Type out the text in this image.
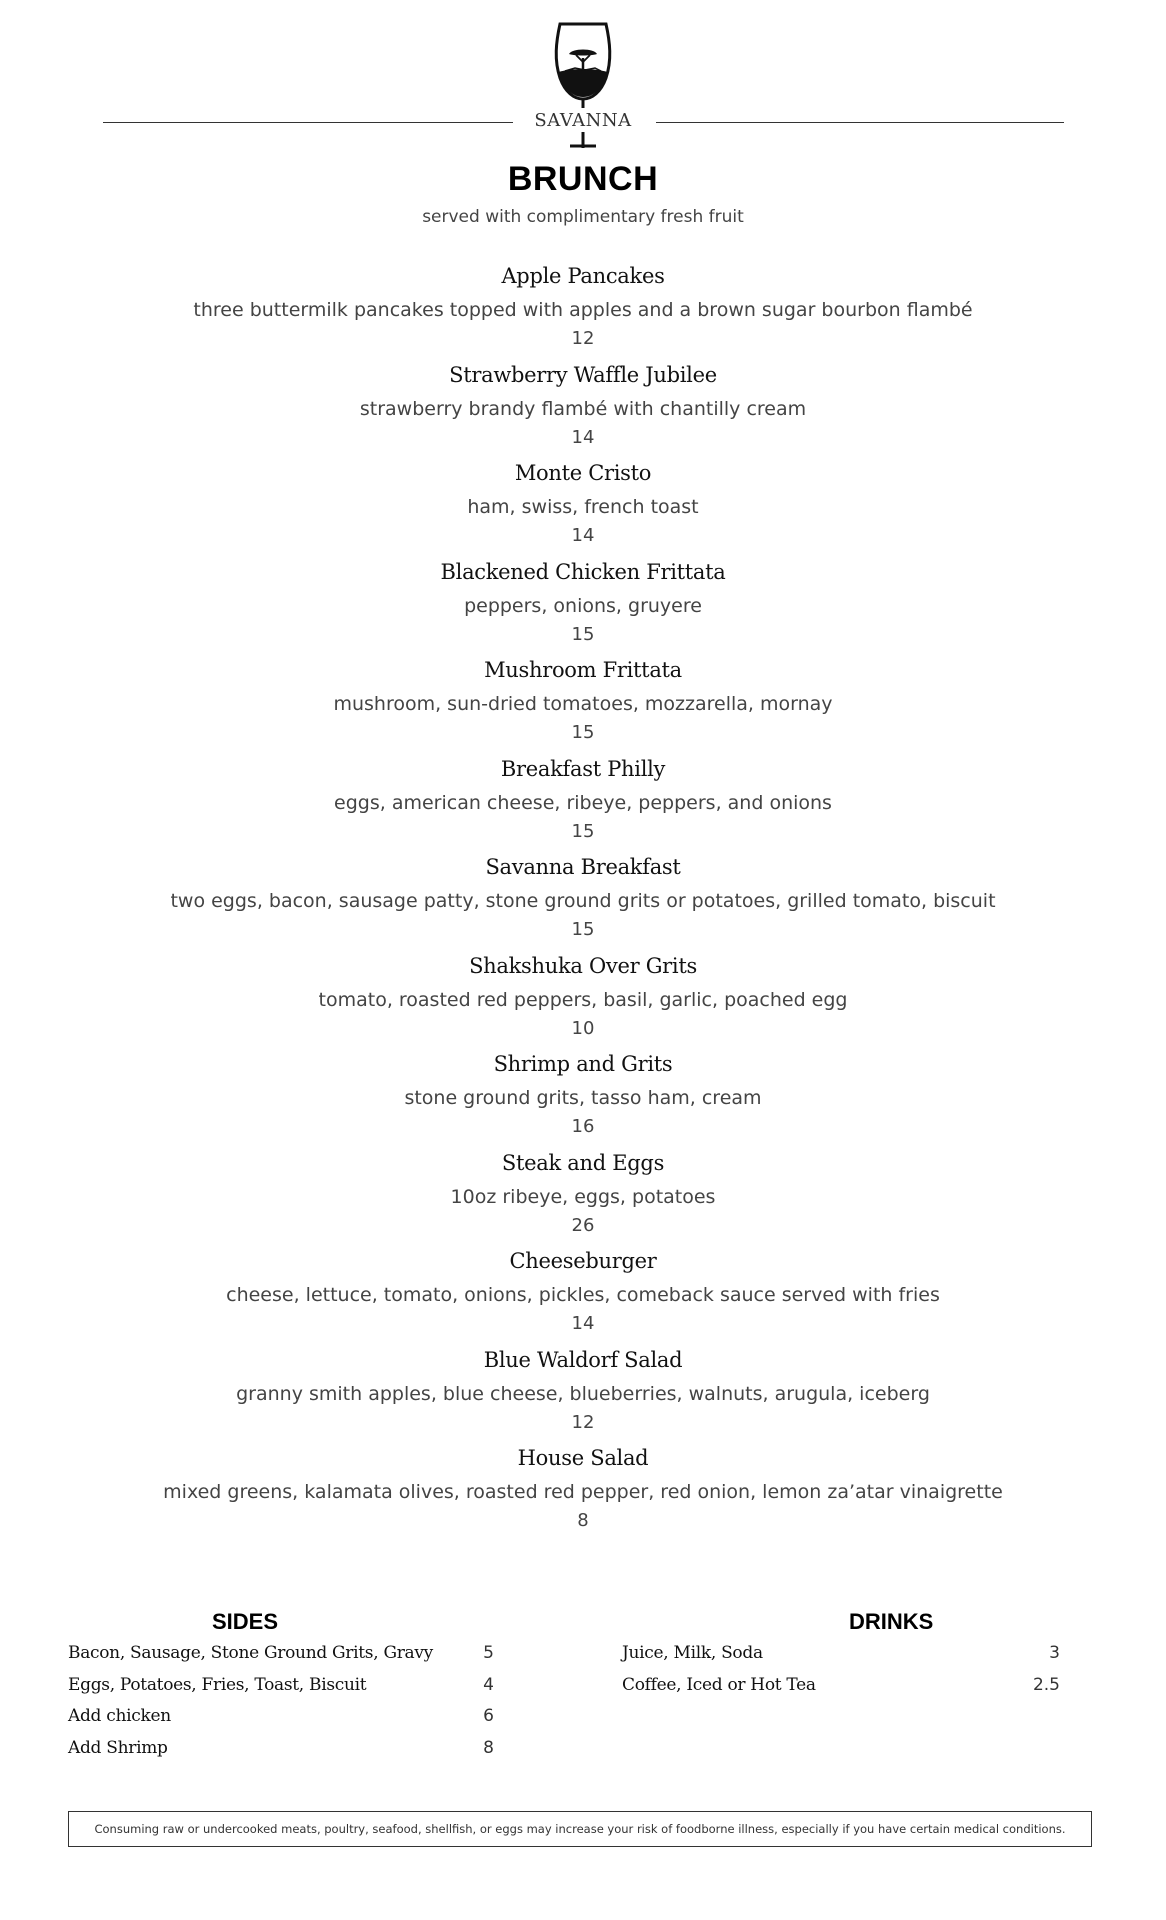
SAVANNA
BRUNCH
served with complimentary fresh fruit
Apple Pancakes
three buttermilk pancakes topped with apples and a brown sugar bourbon flambé
12
Strawberry Waffle Jubilee
strawberry brandy flambé with chantilly cream
14
Monte Cristo
ham, swiss, french toast
14
Blackened Chicken Frittata
peppers, onions, gruyere
15
Mushroom Frittata
mushroom, sun-dried tomatoes, mozzarella, mornay
15
Breakfast Philly
eggs, american cheese, ribeye, peppers, and onions
15
Savanna Breakfast
two eggs, bacon, sausage patty, stone ground grits or potatoes, grilled tomato, biscuit
15
Shakshuka Over Grits
tomato, roasted red peppers, basil, garlic, poached egg
10
Shrimp and Grits
stone ground grits, tasso ham, cream
16
Steak and Eggs
10oz ribeye, eggs, potatoes
26
Cheeseburger
cheese, lettuce, tomato, onions, pickles, comeback sauce served with fries
14
Blue Waldorf Salad
granny smith apples, blue cheese, blueberries, walnuts, arugula, iceberg
12
House Salad
mixed greens, kalamata olives, roasted red pepper, red onion, lemon za’atar vinaigrette
8
SIDES
Bacon, Sausage, Stone Ground Grits, Gravy	5
Eggs, Potatoes, Fries, Toast, Biscuit	4
Add chicken	6
Add Shrimp	8
DRINKS
Juice, Milk, Soda	3
Coffee, Iced or Hot Tea	2.5
Consuming raw or undercooked meats, poultry, seafood, shellfish, or eggs may increase your risk of foodborne illness, especially if you have certain medical conditions.
